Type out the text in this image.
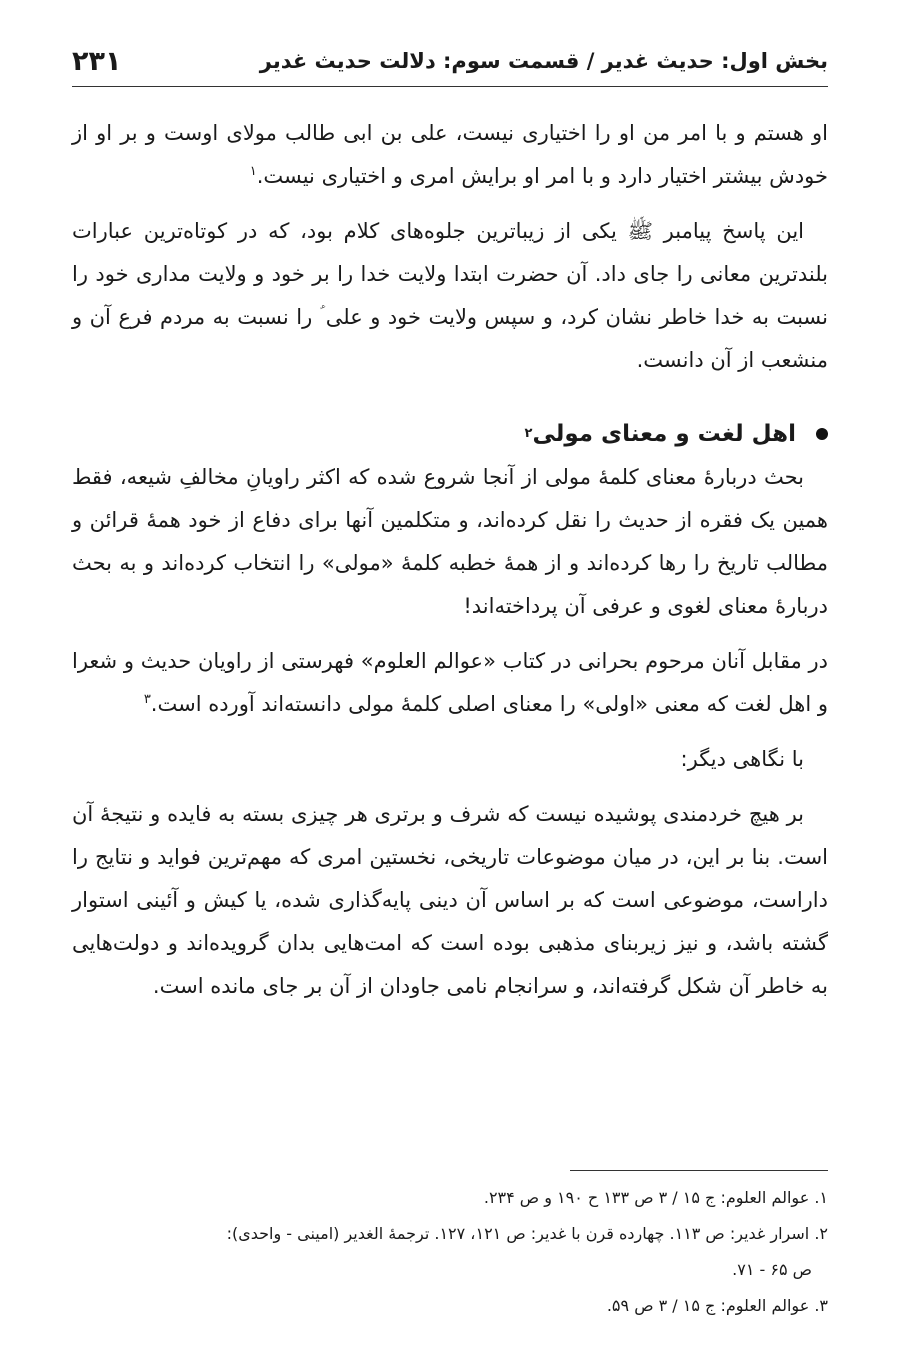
بخش اول: حدیث غدیر / قسمت سوم: دلالت حدیث غدیر
۲۳۱

او هستم و با امر من او را اختیاری نیست، علی بن ابی طالب مولای اوست و بر او از خودش بیشتر اختیار دارد و با امر او برایش امری و اختیاری نیست.$^۱$

این پاسخ پیامبر ﷺ یکی از زیباترین جلوه‌های کلام بود، که در کوتاه‌ترین عبارات بلندترین معانی را جای داد. آن حضرت ابتدا ولایت خدا را بر خود و ولایت مداری خود را نسبت به خدا خاطر نشان کرد، و سپس ولایت خود و علی ؑ را نسبت به مردم فرع آن و منشعب از آن دانست.

اهل لغت و معنای مولی
۲

بحث دربارهٔ معنای کلمهٔ مولی از آنجا شروع شده که اکثر راویانِ مخالفِ شیعه، فقط همین یک فقره از حدیث را نقل کرده‌اند، و متکلمین آنها برای دفاع از خود همهٔ قرائن و مطالب تاریخ را رها کرده‌اند و از همهٔ خطبه کلمهٔ «مولی» را انتخاب کرده‌اند و به بحث دربارهٔ معنای لغوی و عرفی آن پرداخته‌اند!

در مقابل آنان مرحوم بحرانی در کتاب «عوالم العلوم» فهرستی از راویان حدیث و شعرا و اهل لغت که معنی «اولی» را معنای اصلی کلمهٔ مولی دانسته‌اند آورده است.$^۳$

با نگاهی دیگر:

بر هیچ خردمندی پوشیده نیست که شرف و برتری هر چیزی بسته به فایده و نتیجهٔ آن است. بنا بر این، در میان موضوعات تاریخی، نخستین امری که مهم‌ترین فواید و نتایج را داراست، موضوعی است که بر اساس آن دینی پایه‌گذاری شده، یا کیش و آئینی استوار گشته باشد، و نیز زیربنای مذهبی بوده است که امت‌هایی بدان گرویده‌اند و دولت‌هایی به خاطر آن شکل گرفته‌اند، و سرانجام نامی جاودان از آن بر جای مانده است.

۱. عوالم العلوم: ج ۱۵ / ۳ ص ۱۳۳ ح ۱۹۰ و ص ۲۳۴.

۲. اسرار غدیر: ص ۱۱۳. چهارده قرن با غدیر: ص ۱۲۱، ۱۲۷. ترجمهٔ الغدیر (امینی - واحدی):

ص ۶۵ - ۷۱.

۳. عوالم العلوم: ج ۱۵ / ۳ ص ۵۹.
